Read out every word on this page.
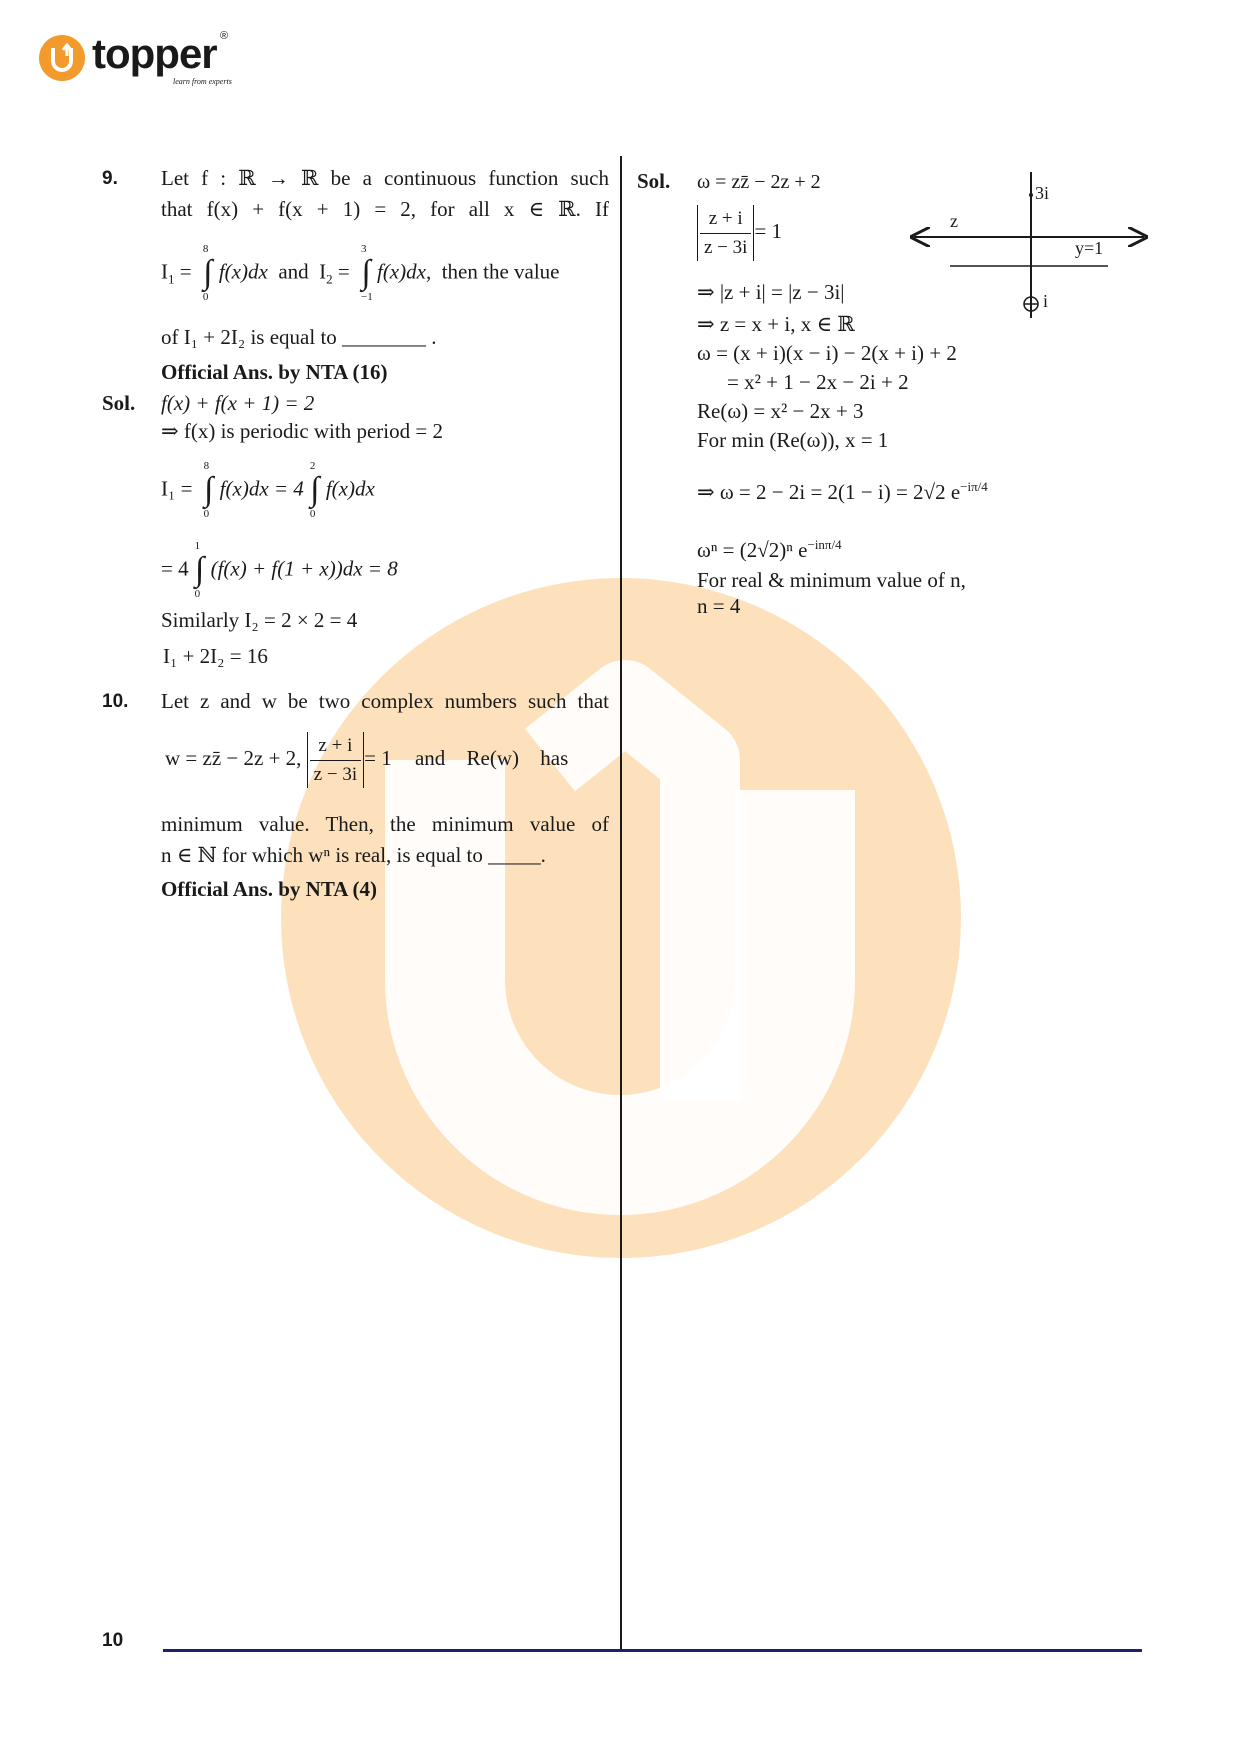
topper ®
learn from experts
9. Let f : ℝ → ℝ be a continuous function such
that f(x) + f(x + 1) = 2, for all x ∈ ℝ. If
$I_1$ =
8
∫
0
f(x)dx and $I_2$ =
3
∫
−1
f(x)dx, then the value
of I₁ + 2I₂ is equal to ________ .
Official Ans. by NTA (16)
Sol. f(x) + f(x + 1) = 2
⇒ f(x) is periodic with period = 2
I₁ =
8
∫
0
f(x)dx = 4
2
∫
0
f(x)dx
= 4
1
∫
0
(f(x) + f(1 + x))dx = 8
Similarly I₂ = 2 × 2 = 4
I₁ + 2I₂ = 16
10. Let z and w be two complex numbers such that
w = zz̄ − 2z + 2, $\frac{z + i}{z - 3i} = 1$ and Re(w) has
minimum value. Then, the minimum value of
n ∈ ℕ for which wⁿ is real, is equal to _____.
Official Ans. by NTA (4)
Sol. ω = zz̄ − 2z + 2
$\frac{z + i}{z - 3i} = 1$
⇒ |z + i| = |z − 3i|
⇒ z = x + i, x ∈ ℝ
ω = (x + i)(x − i) − 2(x + i) + 2
= x² + 1 − 2x − 2i + 2
Re(ω) = x² − 2x + 3
For min (Re(ω)), x = 1
⇒ ω = 2 − 2i = 2(1 − i) = 2√2 $e^{-i\pi/4}$
ωⁿ = (2√2)ⁿ $e^{-in\pi/4}$
For real & minimum value of n,
n = 4
3i
z
y=1
i
10
